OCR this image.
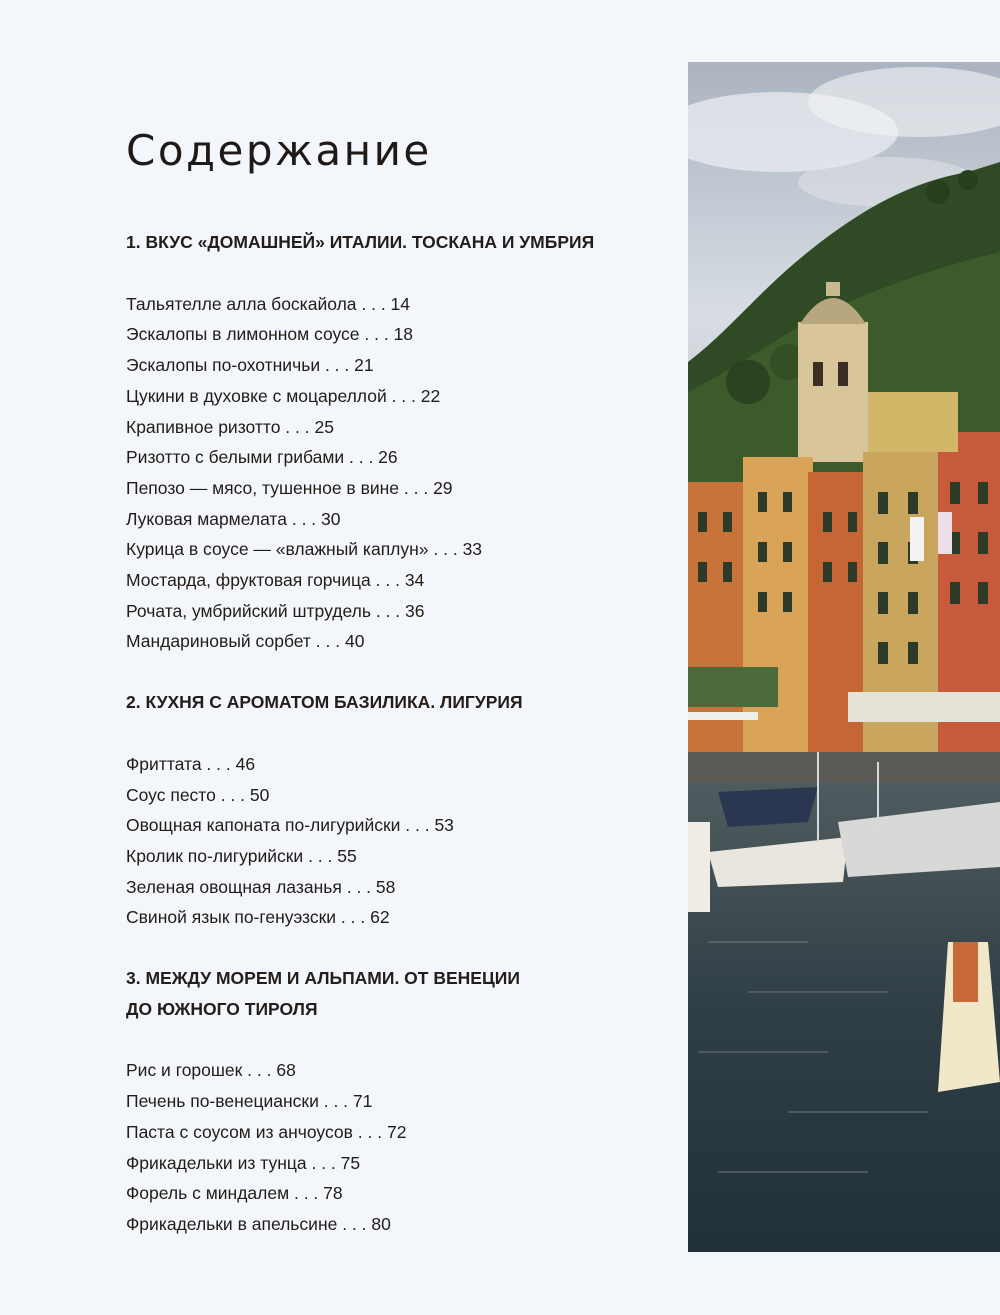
Содержание
1. ВКУС «ДОМАШНЕЙ» ИТАЛИИ. ТОСКАНА И УМБРИЯ
Тальятелле алла боскайола . . . 14
Эскалопы в лимонном соусе . . . 18
Эскалопы по-охотничьи . . . 21
Цукини в духовке с моцареллой . . . 22
Крапивное ризотто . . . 25
Ризотто с белыми грибами . . . 26
Пепозо — мясо, тушенное в вине . . . 29
Луковая мармелата . . . 30
Курица в соусе — «влажный каплун» . . . 33
Мостарда, фруктовая горчица . . . 34
Рочата, умбрийский штрудель . . . 36
Мандариновый сорбет . . . 40
2. КУХНЯ С АРОМАТОМ БАЗИЛИКА. ЛИГУРИЯ
Фриттата . . . 46
Соус песто . . . 50
Овощная капоната по-лигурийски . . . 53
Кролик по-лигурийски . . . 55
Зеленая овощная лазанья . . . 58
Свиной язык по-генуэзски . . . 62
3. МЕЖДУ МОРЕМ И АЛЬПАМИ. ОТ ВЕНЕЦИИ
ДО ЮЖНОГО ТИРОЛЯ
Рис и горошек . . . 68
Печень по-венециански . . . 71
Паста с соусом из анчоусов . . . 72
Фрикадельки из тунца . . . 75
Форель с миндалем . . . 78
Фрикадельки в апельсине . . . 80
